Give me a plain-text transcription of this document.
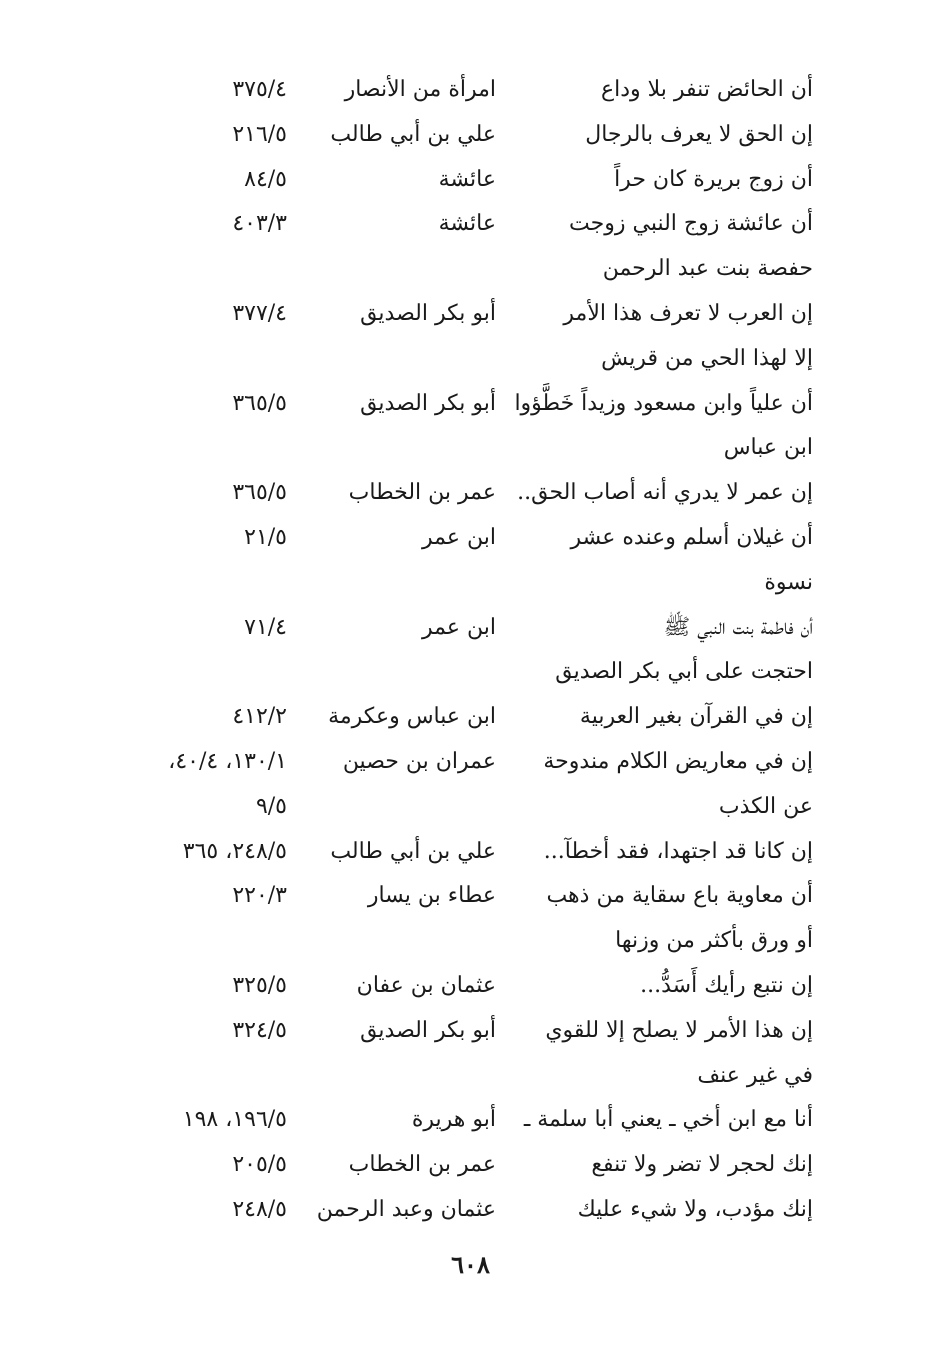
أن الحائض تنفر بلا وداع
امرأة من الأنصار
٣٧٥/٤
إن الحق لا يعرف بالرجال
علي بن أبي طالب
٢١٦/٥
أن زوج بريرة كان حراً
عائشة
٨٤/٥
أن عائشة زوج النبي زوجت
عائشة
٤٠٣/٣
حفصة بنت عبد الرحمن
إن العرب لا تعرف هذا الأمر
أبو بكر الصديق
٣٧٧/٤
إلا لهذا الحي من قريش
أن علياً وابن مسعود وزيداً خَطَّؤوا
أبو بكر الصديق
٣٦٥/٥
ابن عباس
إن عمر لا يدري أنه أصاب الحق..
عمر بن الخطاب
٣٦٥/٥
أن غيلان أسلم وعنده عشر
ابن عمر
٢١/٥
نسوة
أن فاطمة بنت النبي ﷺ
ابن عمر
٧١/٤
احتجت على أبي بكر الصديق
إن في القرآن بغير العربية
ابن عباس وعكرمة
٤١٢/٢
إن في معاريض الكلام مندوحة
عمران بن حصين
١٣٠/١، ٤٠/٤،
عن الكذب
٩/٥
إن كانا قد اجتهدا، فقد أخطآ...
علي بن أبي طالب
٢٤٨/٥، ٣٦٥
أن معاوية باع سقاية من ذهب
عطاء بن يسار
٢٢٠/٣
أو ورق بأكثر من وزنها
إن نتبع رأيك أَسَدُّ...
عثمان بن عفان
٣٢٥/٥
إن هذا الأمر لا يصلح إلا للقوي
أبو بكر الصديق
٣٢٤/٥
في غير عنف
أنا مع ابن أخي ـ يعني أبا سلمة ـ
أبو هريرة
١٩٦/٥، ١٩٨
إنك لحجر لا تضر ولا تنفع
عمر بن الخطاب
٢٠٥/٥
إنك مؤدب، ولا شيء عليك
عثمان وعبد الرحمن
٢٤٨/٥
٦٠٨
